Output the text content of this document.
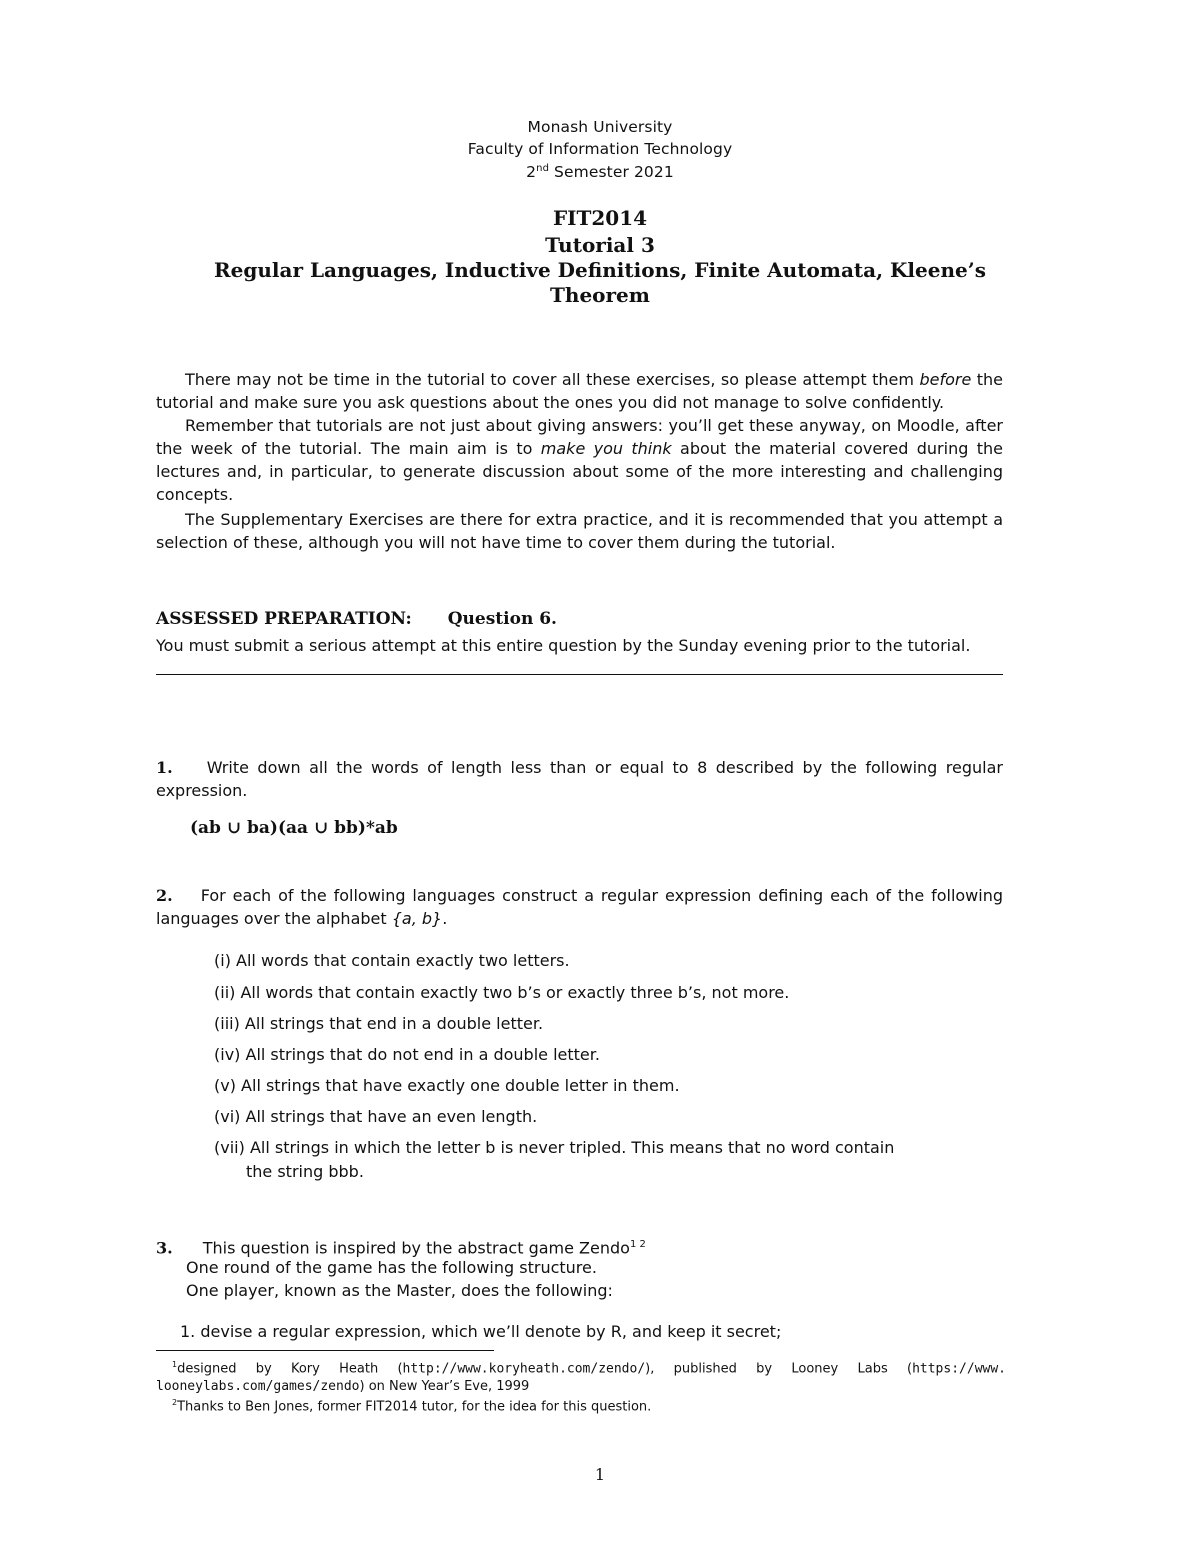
Monash University
Faculty of Information Technology
2nd Semester 2021
FIT2014
Tutorial 3
Regular Languages, Inductive Definitions, Finite Automata, Kleene’s
Theorem
There may not be time in the tutorial to cover all these exercises, so please attempt them before the tutorial and make sure you ask questions about the ones you did not manage to solve confidently.
Remember that tutorials are not just about giving answers: you’ll get these anyway, on Moodle, after the week of the tutorial. The main aim is to make you think about the material covered during the lectures and, in particular, to generate discussion about some of the more interesting and challenging concepts.
The Supplementary Exercises are there for extra practice, and it is recommended that you attempt a selection of these, although you will not have time to cover them during the tutorial.
ASSESSED PREPARATION: Question 6.
You must submit a serious attempt at this entire question by the Sunday evening prior to the tutorial.
1. Write down all the words of length less than or equal to 8 described by the following regular expression.
(ab ∪ ba)(aa ∪ bb)*ab
2. For each of the following languages construct a regular expression defining each of the following languages over the alphabet {a, b}.
(i) All words that contain exactly two letters.
(ii) All words that contain exactly two b’s or exactly three b’s, not more.
(iii) All strings that end in a double letter.
(iv) All strings that do not end in a double letter.
(v) All strings that have exactly one double letter in them.
(vi) All strings that have an even length.
(vii) All strings in which the letter b is never tripled. This means that no word contain
the string bbb.
3. This question is inspired by the abstract game Zendo$^{1 2}$
One round of the game has the following structure.
One player, known as the Master, does the following:
1. devise a regular expression, which we’ll denote by R, and keep it secret;
$^1$designed by Kory Heath (http://www.koryheath.com/zendo/), published by Looney Labs (https://www. looneylabs.com/games/zendo) on New Year’s Eve, 1999
$^2$Thanks to Ben Jones, former FIT2014 tutor, for the idea for this question.
1
